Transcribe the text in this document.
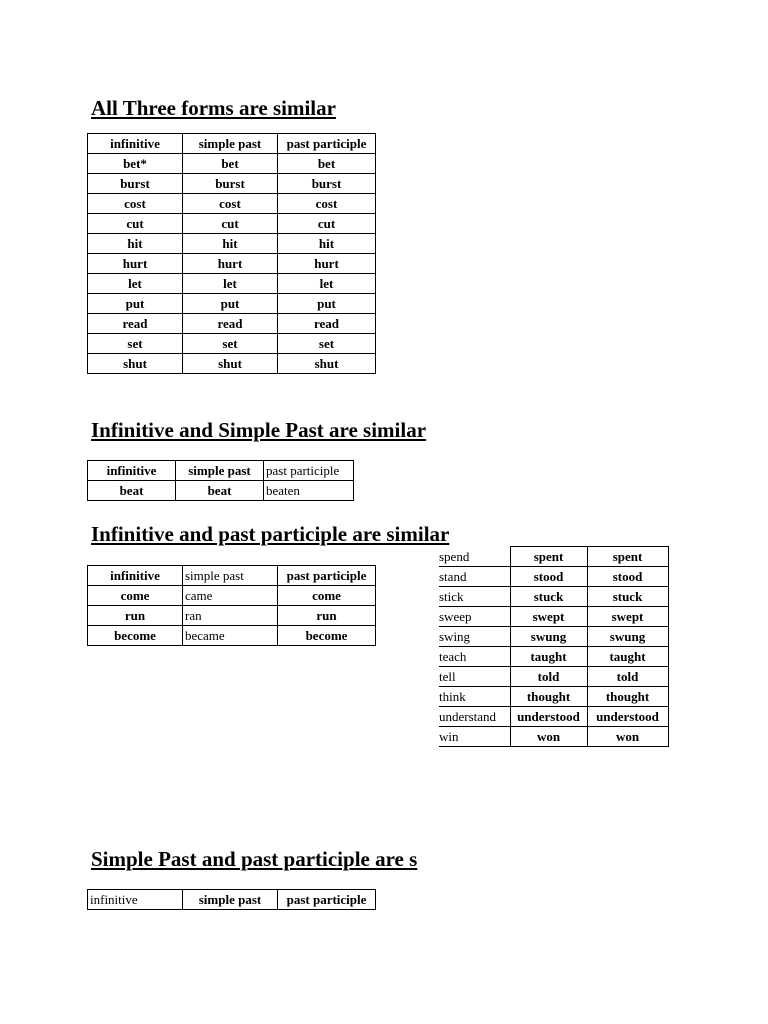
All Three forms are similar
infinitive	simple past	past participle
bet*	bet	bet
burst	burst	burst
cost	cost	cost
cut	cut	cut
hit	hit	hit
hurt	hurt	hurt
let	let	let
put	put	put
read	read	read
set	set	set
shut	shut	shut
Infinitive and Simple Past are similar
infinitive	simple past	past participle
beat	beat	beaten
Infinitive and past participle are similar
infinitive	simple past	past participle
come	came	come
run	ran	run
become	became	become
spend	spent	spent
stand	stood	stood
stick	stuck	stuck
sweep	swept	swept
swing	swung	swung
teach	taught	taught
tell	told	told
think	thought	thought
understand	understood	understood
win	won	won
Simple Past and past participle are s
infinitive	simple past	past participle
